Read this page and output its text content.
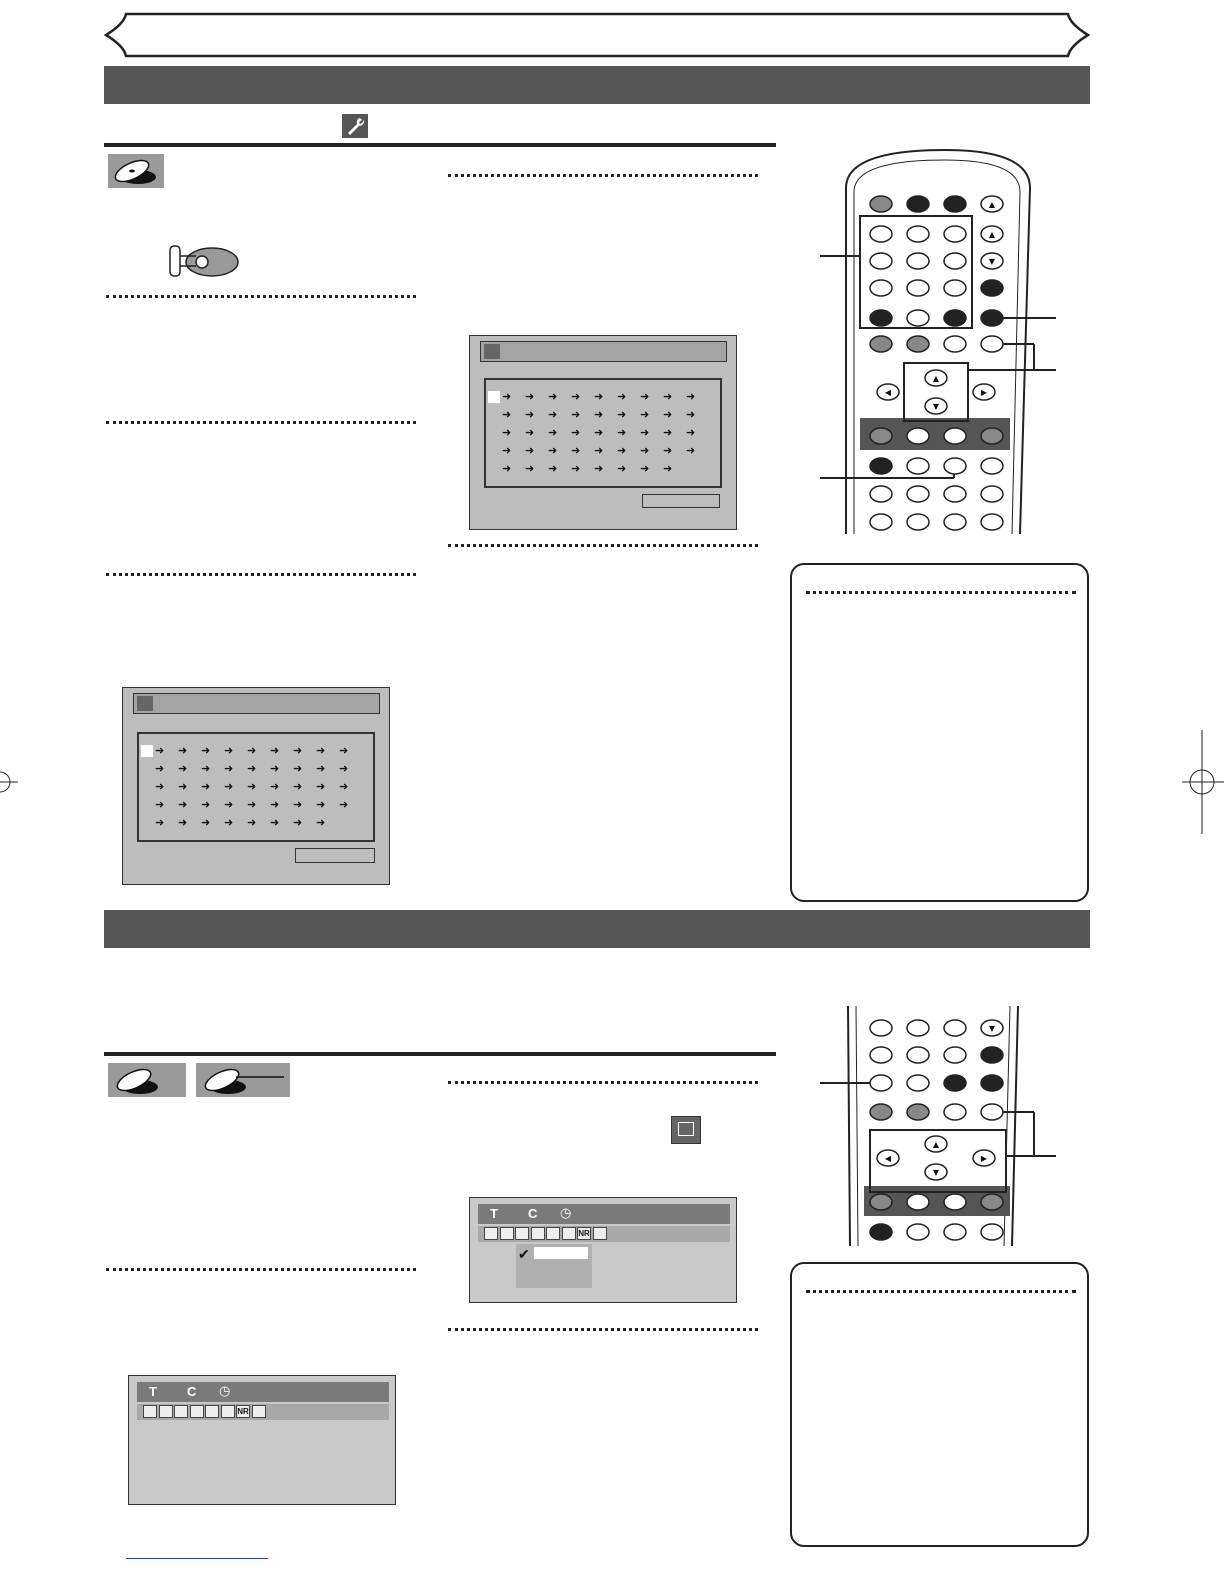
➜ ➜ ➜ ➜ ➜ ➜ ➜ ➜ ➜
➜ ➜ ➜ ➜ ➜ ➜ ➜ ➜ ➜
➜ ➜ ➜ ➜ ➜ ➜ ➜ ➜ ➜
➜ ➜ ➜ ➜ ➜ ➜ ➜ ➜ ➜
➜ ➜ ➜ ➜ ➜ ➜ ➜ ➜
➜ ➜ ➜ ➜ ➜ ➜ ➜ ➜ ➜
➜ ➜ ➜ ➜ ➜ ➜ ➜ ➜ ➜
➜ ➜ ➜ ➜ ➜ ➜ ➜ ➜ ➜
➜ ➜ ➜ ➜ ➜ ➜ ➜ ➜ ➜
➜ ➜ ➜ ➜ ➜ ➜ ➜ ➜
▲
▲
▼
◀	▶
▲
▼
T C ◷
NR
✔
T C ◷
NR
▼
◀	▶
▲
▼
